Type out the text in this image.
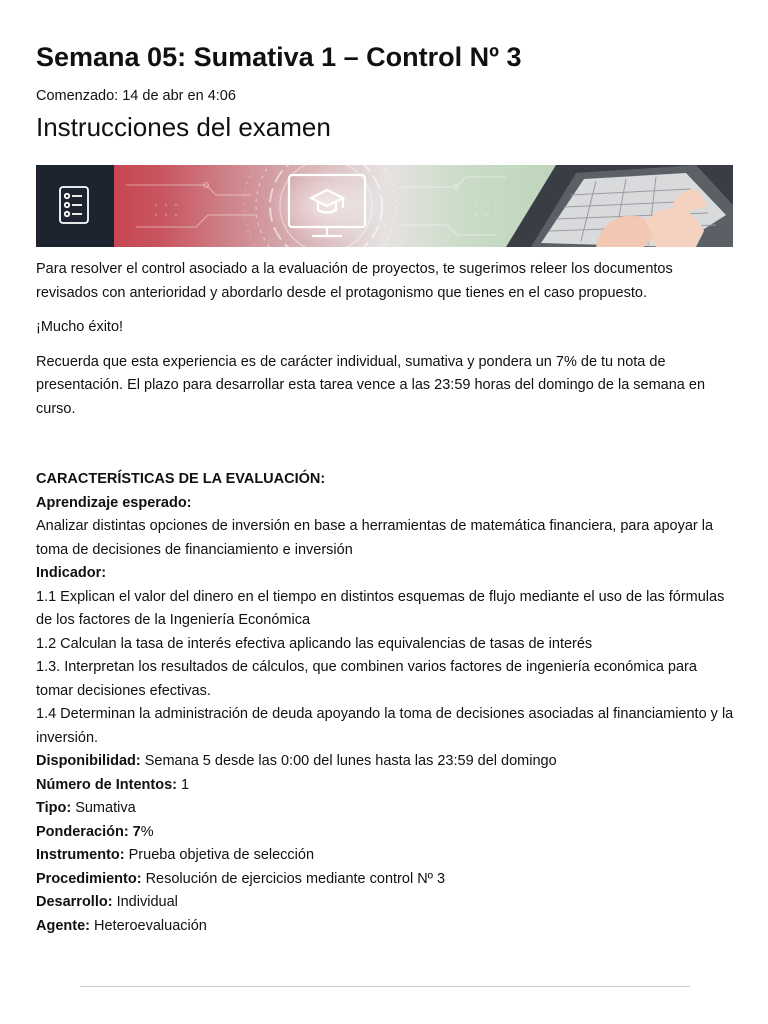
Semana 05: Sumativa 1 – Control Nº 3
Comenzado: 14 de abr en 4:06
Instrucciones del examen

Para resolver el control asociado a la evaluación de proyectos, te sugerimos releer los documentos revisados con anterioridad y abordarlo desde el protagonismo que tienes en el caso propuesto.

¡Mucho éxito!

Recuerda que esta experiencia es de carácter individual, sumativa y pondera un 7% de tu nota de presentación. El plazo para desarrollar esta tarea vence a las 23:59 horas del domingo de la semana en curso.

CARACTERÍSTICAS DE LA EVALUACIÓN:

Aprendizaje esperado:

Analizar distintas opciones de inversión en base a herramientas de matemática financiera, para apoyar la toma de decisiones de financiamiento e inversión

Indicador:

1.1 Explican el valor del dinero en el tiempo en distintos esquemas de flujo mediante el uso de las fórmulas de los factores de la Ingeniería Económica

1.2 Calculan la tasa de interés efectiva aplicando las equivalencias de tasas de interés

1.3. Interpretan los resultados de cálculos, que combinen varios factores de ingeniería económica para tomar decisiones efectivas.

1.4 Determinan la administración de deuda apoyando la toma de decisiones asociadas al financiamiento y la inversión.

Disponibilidad: Semana 5 desde las 0:00 del lunes hasta las 23:59 del domingo

Número de Intentos: 1

Tipo: Sumativa

Ponderación: 7%

Instrumento: Prueba objetiva de selección

Procedimiento: Resolución de ejercicios mediante control Nº 3

Desarrollo: Individual

Agente: Heteroevaluación
